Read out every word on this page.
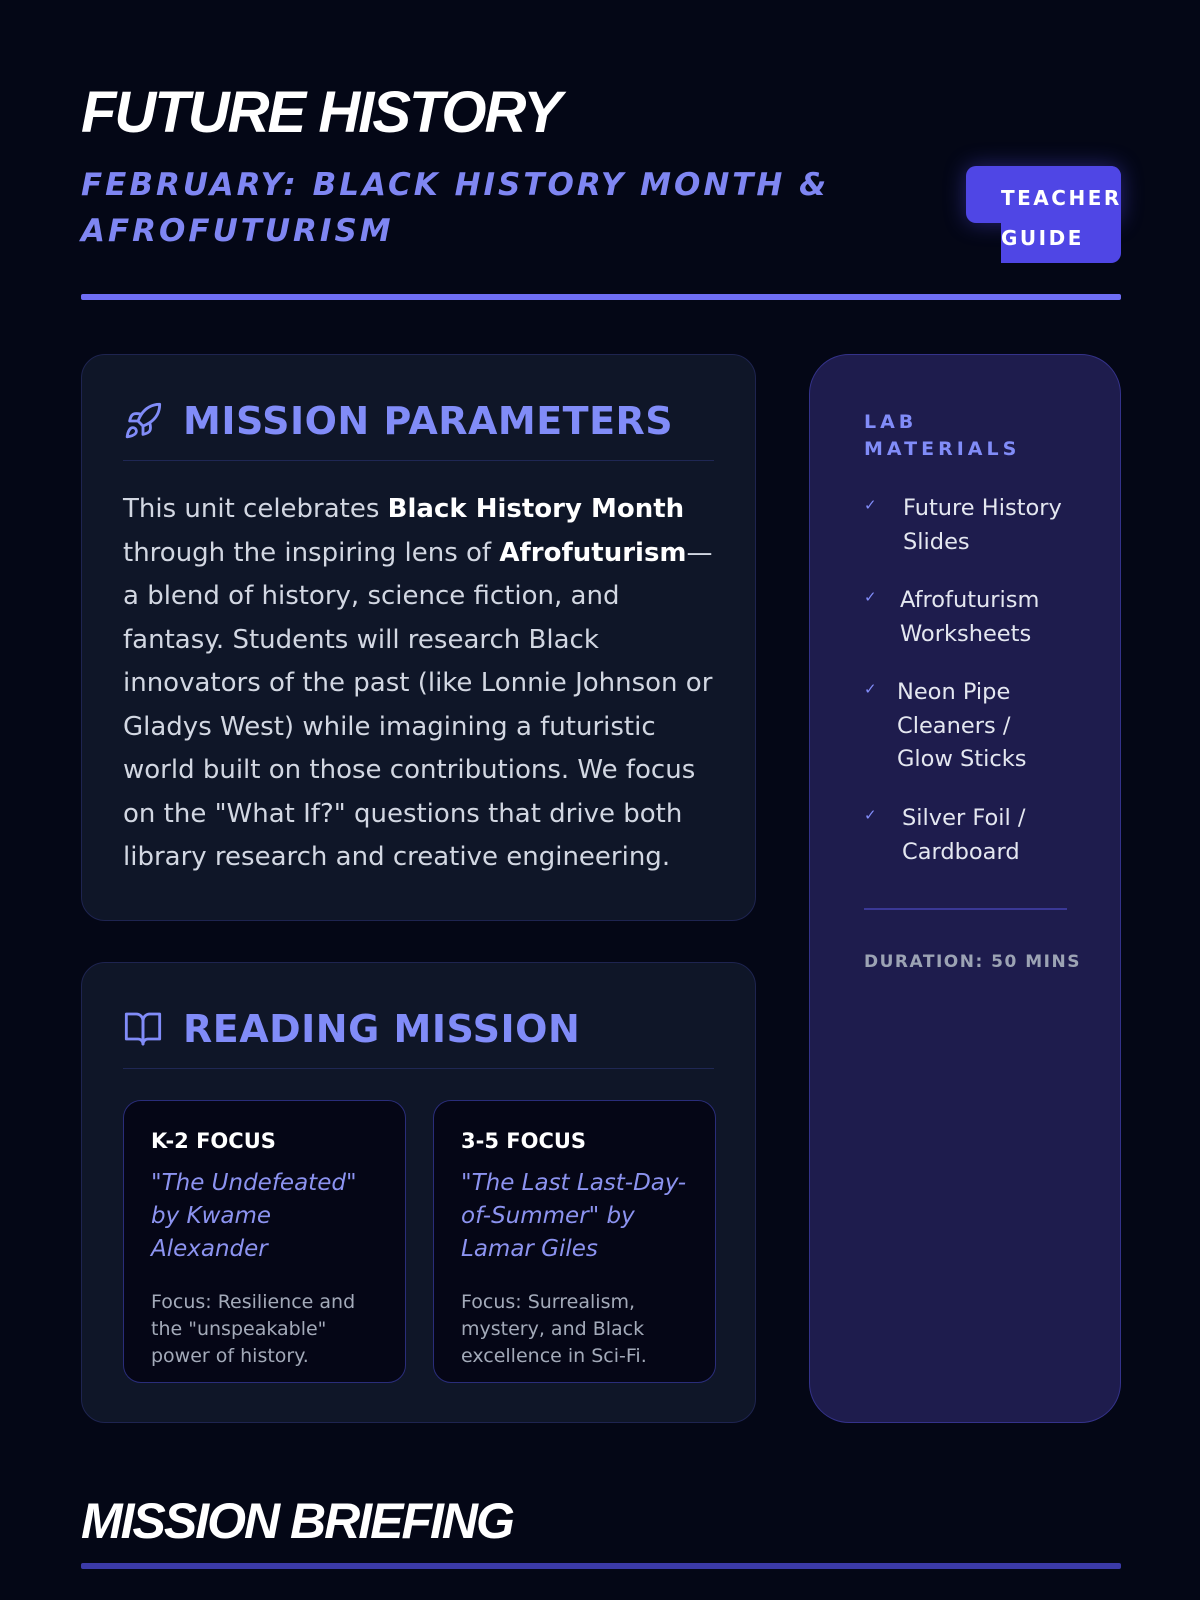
FUTURE HISTORY
FEBRUARY: BLACK HISTORY MONTH & AFROFUTURISM
TEACHER
GUIDE
MISSION PARAMETERS

This unit celebrates Black History Month through the inspiring lens of Afrofuturism—a blend of history, science fiction, and fantasy. Students will research Black innovators of the past (like Lonnie Johnson or Gladys West) while imagining a futuristic world built on those contributions. We focus on the "What If?" questions that drive both library research and creative engineering.

READING MISSION
K-2 FOCUS
"The Undefeated" by Kwame Alexander
Focus: Resilience and the "unspeakable" power of history.
3-5 FOCUS
"The Last Last-Day-of-Summer" by Lamar Giles
Focus: Surrealism, mystery, and Black excellence in Sci-Fi.
LAB MATERIALS
✓ Future History Slides
✓ Afrofuturism Worksheets
✓ Neon Pipe Cleaners / Glow Sticks
✓ Silver Foil / Cardboard
DURATION: 50 MINS
MISSION BRIEFING
